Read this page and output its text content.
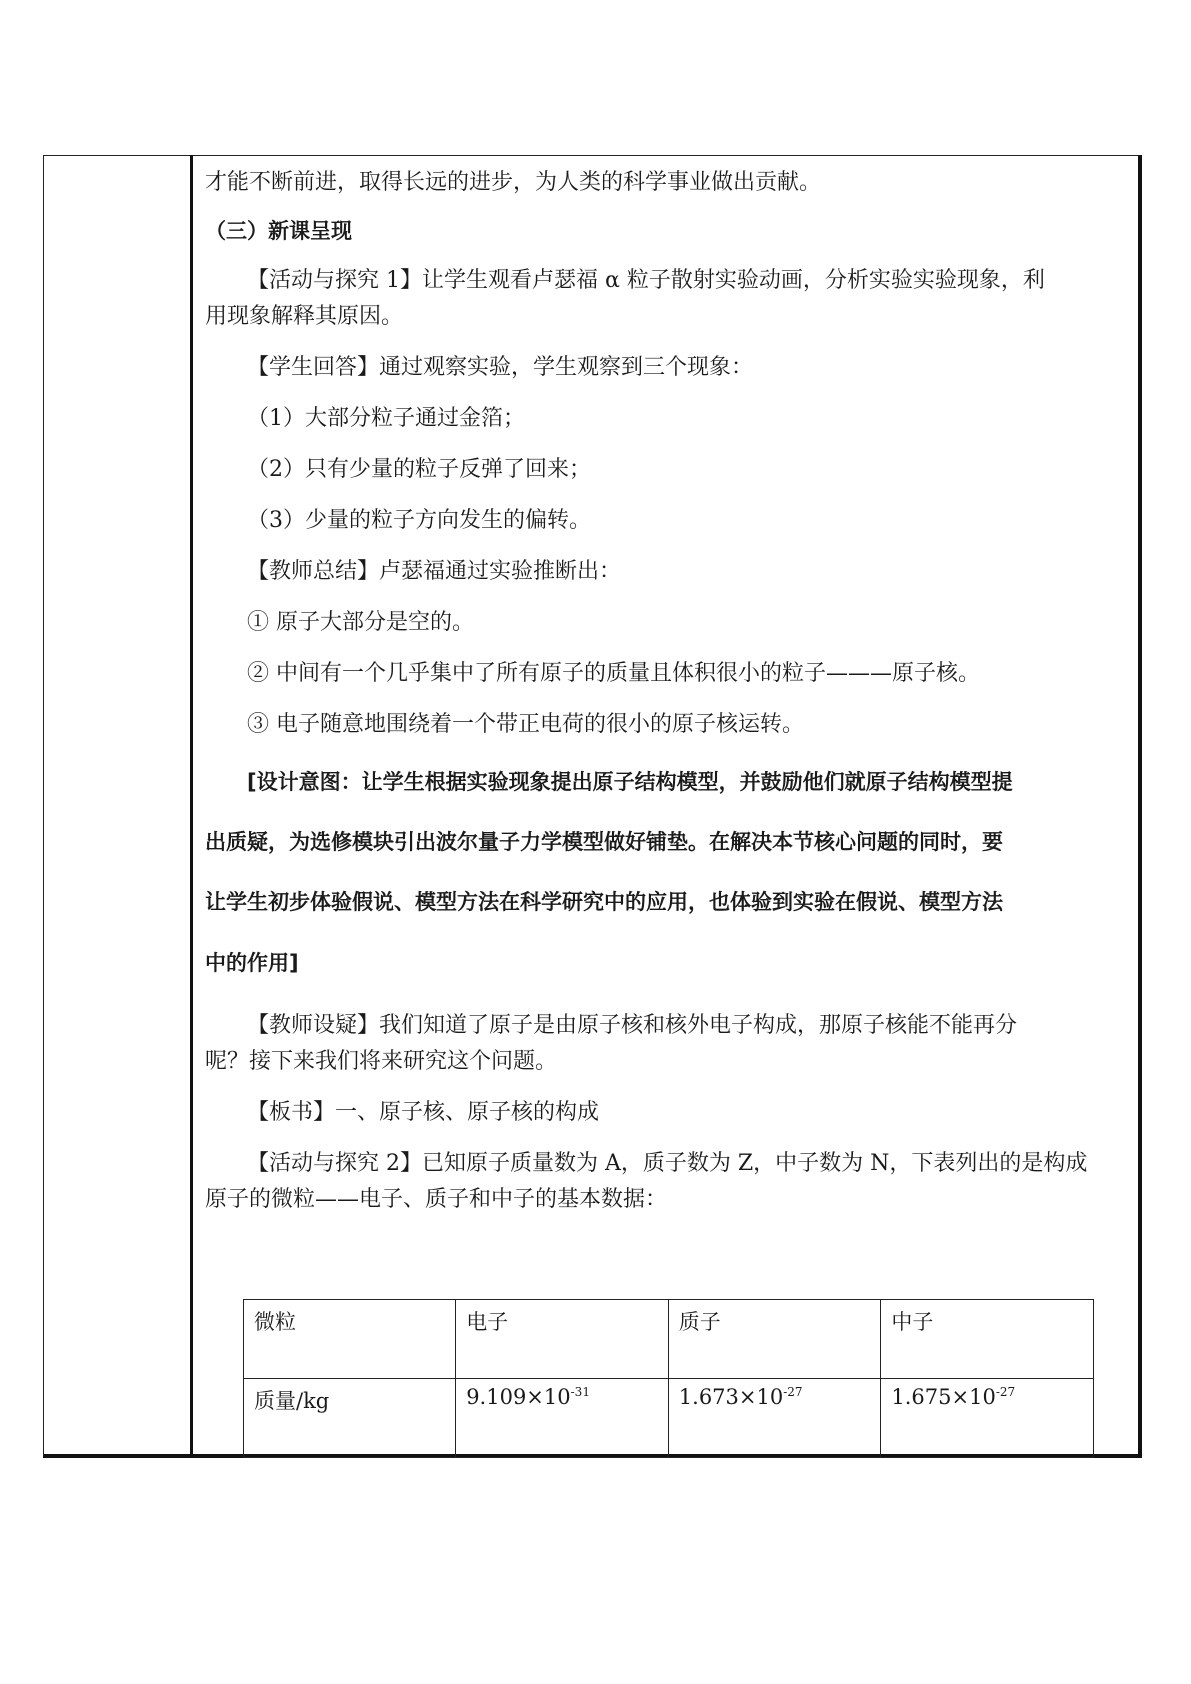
才能不断前进，取得长远的进步，为人类的科学事业做出贡献。
（三）新课呈现
【活动与探究 1】让学生观看卢瑟福 α 粒子散射实验动画，分析实验实验现象，利
用现象解释其原因。
【学生回答】通过观察实验，学生观察到三个现象：
（1）大部分粒子通过金箔；
（2）只有少量的粒子反弹了回来；
（3）少量的粒子方向发生的偏转。
【教师总结】卢瑟福通过实验推断出：
① 原子大部分是空的。
② 中间有一个几乎集中了所有原子的质量且体积很小的粒子———原子核。
③ 电子随意地围绕着一个带正电荷的很小的原子核运转。
[设计意图：让学生根据实验现象提出原子结构模型，并鼓励他们就原子结构模型提
出质疑，为选修模块引出波尔量子力学模型做好铺垫。在解决本节核心问题的同时，要
让学生初步体验假说、模型方法在科学研究中的应用，也体验到实验在假说、模型方法
中的作用]
【教师设疑】我们知道了原子是由原子核和核外电子构成，那原子核能不能再分
呢？接下来我们将来研究这个问题。
【板书】一、原子核、原子核的构成
【活动与探究 2】已知原子质量数为 A，质子数为 Z，中子数为 N，下表列出的是构成
原子的微粒——电子、质子和中子的基本数据：
微粒	电子	质子	中子
质量/kg	$9.109\times 10^{-31}$	$1.673\times 10^{-27}$	$1.675\times 10^{-27}$
